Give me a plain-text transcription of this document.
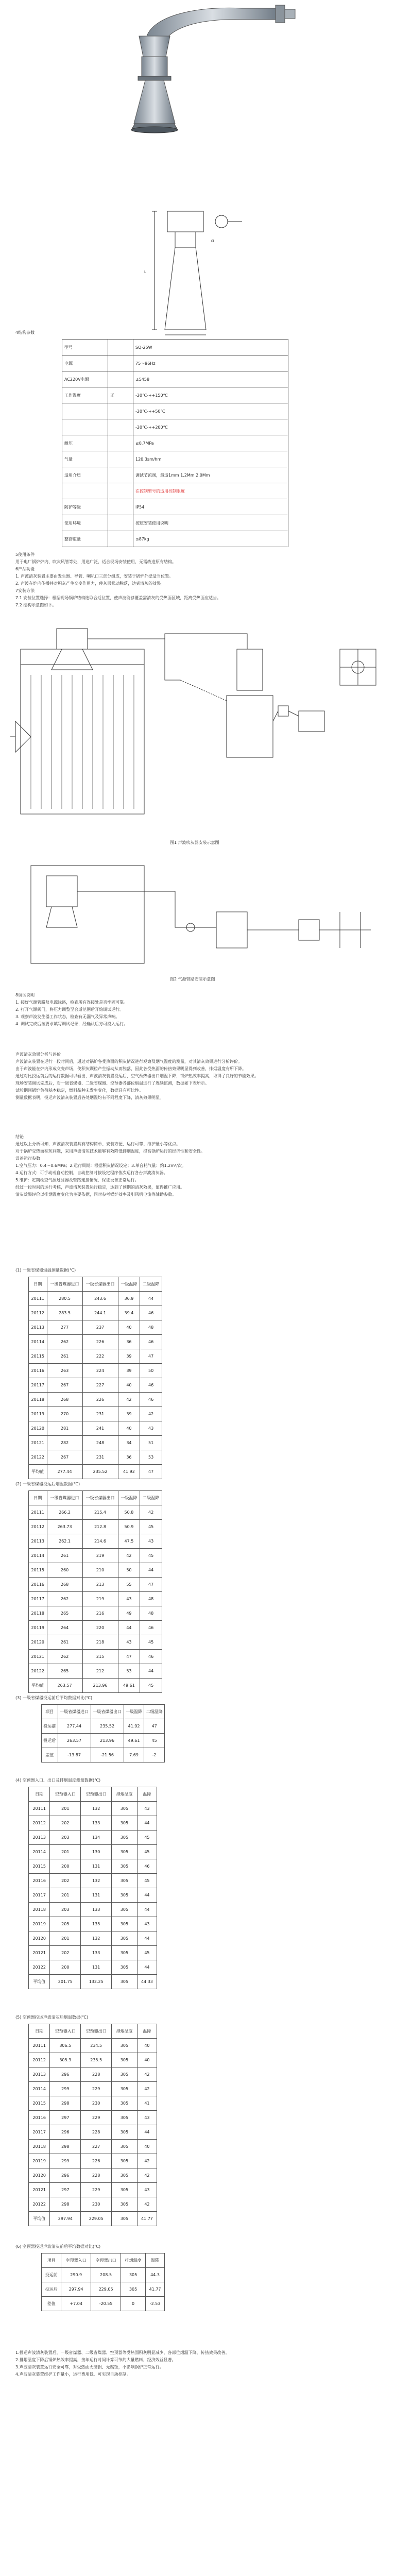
Ø
L
4结构参数
型号		SQ-25W
电源		75～96Hz
AC220V电源		±5458
工作温度	正	-20℃-++150℃
		-20℃-++50℃
		-20℃-++200℃
耐压		≤0.7MPa
气量		120.3sm/hm
适用介质		调试节流阀，最适1mm 1.2Mm 2.0Mm
		在控制型号的适用控制限度
防护等级		IP54
使用环境		按照安装使用说明
整套重量		≤87kg
5使用条件
用于电厂锅炉炉内、吹灰风管等处，用途广泛，适合现场安装使用，无需改造原有结构。
6产品功能
1. 声波清灰装置主要由发生器、导管、喇叭口三部分组成，安装于锅炉外壁适当位置。
2. 声波在炉内传播并对积灰产生交变作用力，使灰层松动脱落，达到清灰的效果。
7安装方法
7.1 安装位置选择：根据现场锅炉结构选取合适位置，使声波能够覆盖需清灰的受热面区域，距离受热面应适当。
7.2 结构示意图如下。
图1 声波吹灰器安装示意图
图2 气源管路安装示意图
8调试说明
1. 接好气源管路及电源线路，检查所有连接处是否牢固可靠。
2. 打开气源阀门，将压力调整至合适范围后开始调试运行。
3. 观察声波发生器工作状态，检查有无漏气及异常声响。
4. 调试完成后按要求填写调试记录，经确认后方可投入运行。
声波清灰效果分析与评价
声波清灰装置在运行一段时间后，通过对锅炉各受热面的积灰情况进行观察及烟气温度的测量，对其清灰效果进行分析评价。
由于声波能在炉内形成交变声场，使积灰颗粒产生振动从而脱落，因此各受热面的传热效果明显得到改善，排烟温度有所下降。
通过对比投运前后的运行数据可以看出，声波清灰装置投运后，空气预热器出口烟温下降，锅炉热效率提高，取得了良好的节能效果。
现场安装调试完成后，对一级省煤器、二级省煤器、空预器各部位烟温进行了连续监测，数据如下表所示。
试验期间锅炉负荷基本稳定，燃料品种未发生变化，数据具有可比性。
测量数据表明，投运声波清灰装置后各处烟温均有不同程度下降，清灰效果明显。
结论
通过以上分析可知，声波清灰装置具有结构简单、安装方便、运行可靠、维护量小等优点。
对于锅炉受热面积灰问题，采用声波清灰技术能够有效降低排烟温度，提高锅炉运行的经济性和安全性。
设备运行参数
1.空气压力：0.4～0.6MPa；2.运行周期：根据积灰情况设定；3.单台耗气量：约1.2m³/次。
4.运行方式：可手动或自动控制，自动控制时按设定程序依次运行各台声波清灰器。
5.维护：定期检查气源过滤器及管路连接情况，保证设备正常运行。
经过一段时间的运行考核，声波清灰装置运行稳定，达到了预期的清灰效果，值得推广应用。
清灰效果评价以排烟温度变化为主要依据，同时参考锅炉效率及引风机电流等辅助参数。
(1) 一级省煤器烟温测量数据(℃)
日期	一级省煤器进口	一级省煤器出口	一级温降	二级温降
20111	280.5	243.6	36.9	44
20112	283.5	244.1	39.4	46
20113	277	237	40	48
20114	262	226	36	46
20115	261	222	39	47
20116	263	224	39	50
20117	267	227	40	46
20118	268	226	42	46
20119	270	231	39	42
20120	281	241	40	43
20121	282	248	34	51
20122	267	231	36	53
平均值	277.44	235.52	41.92	47
(2) 一级省煤器投运后烟温数据(℃)
日期	一级省煤器进口	一级省煤器出口	一级温降	二级温降
20111	266.2	215.4	50.8	42
20112	263.73	212.8	50.9	45
20113	262.1	214.6	47.5	43
20114	261	219	42	45
20115	260	210	50	44
20116	268	213	55	47
20117	262	219	43	48
20118	265	216	49	48
20119	264	220	44	46
20120	261	218	43	45
20121	262	215	47	46
20122	265	212	53	44
平均值	263.57	213.96	49.61	45
(3) 一级省煤器投运前后平均数据对比(℃)
项目	一级省煤器进口	一级省煤器出口	一级温降	二级温降
投运前	277.44	235.52	41.92	47
投运后	263.57	213.96	49.61	45
差值	-13.87	-21.56	7.69	-2
(4) 空预器入口、出口及排烟温度测量数据(℃)
日期	空预器入口	空预器出口	排烟温度	温降
20111	201	132	305	43
20112	202	133	305	44
20113	203	134	305	45
20114	201	130	305	45
20115	200	131	305	46
20116	202	132	305	45
20117	201	131	305	44
20118	203	133	305	44
20119	205	135	305	43
20120	201	132	305	44
20121	202	133	305	45
20122	200	131	305	44
平均值	201.75	132.25	305	44.33
(5) 空预器投运声波清灰后烟温数据(℃)
日期	空预器入口	空预器出口	排烟温度	温降
20111	306.5	234.5	305	40
20112	305.3	235.5	305	40
20113	296	228	305	42
20114	299	229	305	42
20115	298	230	305	41
20116	297	229	305	43
20117	296	228	305	44
20118	298	227	305	40
20119	299	226	305	42
20120	296	228	305	42
20121	297	229	305	43
20122	298	230	305	42
平均值	297.94	229.05	305	41.77
(6) 空预器投运声波清灰前后平均数据对比(℃)
项目	空预器入口	空预器出口	排烟温度	温降
投运前	290.9	208.5	305	44.3
投运后	297.94	229.05	305	41.77
差值	+7.04	-20.55	0	-2.53
1.投运声波清灰装置后，一级省煤器、二级省煤器、空预器等受热面积灰明显减少，各部位烟温下降，传热效果改善。
2.排烟温度下降后锅炉热效率提高，按年运行时间计算可节约大量燃料，经济效益显著。
3.声波清灰装置运行安全可靠，对受热面无磨损、无腐蚀，不影响锅炉正常运行。
4.声波清灰装置维护工作量小，运行费用低，可实现自动控制。
